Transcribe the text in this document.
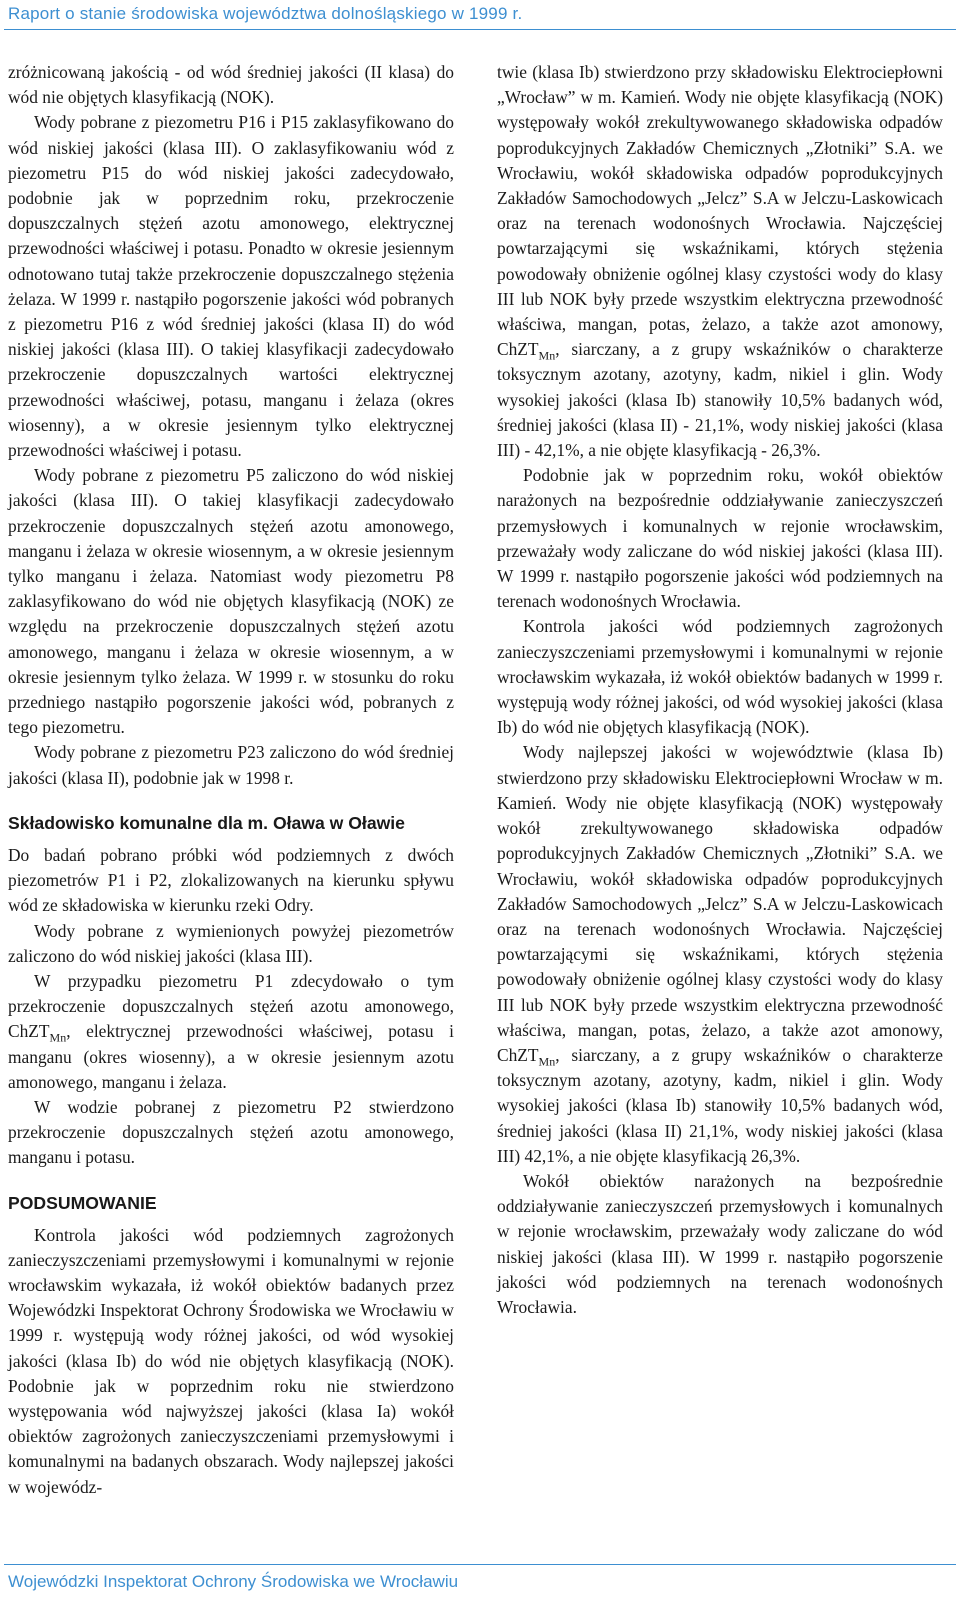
Raport o stanie środowiska województwa dolnośląskiego w 1999 r.

zróżnicowaną jakością - od wód średniej jakości (II klasa) do wód nie objętych klasyfikacją (NOK).

Wody pobrane z piezometru P16 i P15 zaklasyfikowano do wód niskiej jakości (klasa III). O zaklasyfikowaniu wód z piezometru P15 do wód niskiej jakości zadecydowało, podobnie jak w poprzednim roku, przekroczenie dopuszczalnych stężeń azotu amonowego, elektrycznej przewodności właściwej i potasu. Ponadto w okresie jesiennym odnotowano tutaj także przekroczenie dopuszczalnego stężenia żelaza. W 1999 r. nastąpiło pogorszenie jakości wód pobranych z piezometru P16 z wód średniej jakości (klasa II) do wód niskiej jakości (klasa III). O takiej klasyfikacji zadecydowało przekroczenie dopuszczalnych wartości elektrycznej przewodności właściwej, potasu, manganu i żelaza (okres wiosenny), a w okresie jesiennym tylko elektrycznej przewodności właściwej i potasu.

Wody pobrane z piezometru P5 zaliczono do wód niskiej jakości (klasa III). O takiej klasyfikacji zadecydowało przekroczenie dopuszczalnych stężeń azotu amonowego, manganu i żelaza w okresie wiosennym, a w okresie jesiennym tylko manganu i żelaza. Natomiast wody piezometru P8 zaklasyfikowano do wód nie objętych klasyfikacją (NOK) ze względu na przekroczenie dopuszczalnych stężeń azotu amonowego, manganu i żelaza w okresie wiosennym, a w okresie jesiennym tylko żelaza. W 1999 r. w stosunku do roku przedniego nastąpiło pogorszenie jakości wód, pobranych z tego piezometru.

Wody pobrane z piezometru P23 zaliczono do wód średniej jakości (klasa II), podobnie jak w 1998 r.

Składowisko komunalne dla m. Oława w Oławie

Do badań pobrano próbki wód podziemnych z dwóch piezometrów P1 i P2, zlokalizowanych na kierunku spływu wód ze składowiska w kierunku rzeki Odry.

Wody pobrane z wymienionych powyżej piezometrów zaliczono do wód niskiej jakości (klasa III).

W przypadku piezometru P1 zdecydowało o tym przekroczenie dopuszczalnych stężeń azotu amonowego, ChZT$_{Mn}$, elektrycznej przewodności właściwej, potasu i manganu (okres wiosenny), a w okresie jesiennym azotu amonowego, manganu i żelaza.

W wodzie pobranej z piezometru P2 stwierdzono przekroczenie dopuszczalnych stężeń azotu amonowego, manganu i potasu.

PODSUMOWANIE

Kontrola jakości wód podziemnych zagrożonych zanieczyszczeniami przemysłowymi i komunalnymi w rejonie wrocławskim wykazała, iż wokół obiektów badanych przez Wojewódzki Inspektorat Ochrony Środowiska we Wrocławiu w 1999 r. występują wody różnej jakości, od wód wysokiej jakości (klasa Ib) do wód nie objętych klasyfikacją (NOK). Podobnie jak w poprzednim roku nie stwierdzono występowania wód najwyższej jakości (klasa Ia) wokół obiektów zagrożonych zanieczyszczeniami przemysłowymi i komunalnymi na badanych obszarach. Wody najlepszej jakości w wojewódz-

twie (klasa Ib) stwierdzono przy składowisku Elektrociepłowni „Wrocław” w m. Kamień. Wody nie objęte klasyfikacją (NOK) występowały wokół zrekultywowanego składowiska odpadów poprodukcyjnych Zakładów Chemicznych „Złotniki” S.A. we Wrocławiu, wokół składowiska odpadów poprodukcyjnych Zakładów Samochodowych „Jelcz” S.A w Jelczu-Laskowicach oraz na terenach wodonośnych Wrocławia. Najczęściej powtarzającymi się wskaźnikami, których stężenia powodowały obniżenie ogólnej klasy czystości wody do klasy III lub NOK były przede wszystkim elektryczna przewodność właściwa, mangan, potas, żelazo, a także azot amonowy, ChZT$_{Mn}$, siarczany, a z grupy wskaźników o charakterze toksycznym azotany, azotyny, kadm, nikiel i glin. Wody wysokiej jakości (klasa Ib) stanowiły 10,5% badanych wód, średniej jakości (klasa II) - 21,1%, wody niskiej jakości (klasa III) - 42,1%, a nie objęte klasyfikacją - 26,3%.

Podobnie jak w poprzednim roku, wokół obiektów narażonych na bezpośrednie oddziaływanie zanieczyszczeń przemysłowych i komunalnych w rejonie wrocławskim, przeważały wody zaliczane do wód niskiej jakości (klasa III). W 1999 r. nastąpiło pogorszenie jakości wód podziemnych na terenach wodonośnych Wrocławia.

Kontrola jakości wód podziemnych zagrożonych zanieczyszczeniami przemysłowymi i komunalnymi w rejonie wrocławskim wykazała, iż wokół obiektów badanych w 1999 r. występują wody różnej jakości, od wód wysokiej jakości (klasa Ib) do wód nie objętych klasyfikacją (NOK).

Wody najlepszej jakości w województwie (klasa Ib) stwierdzono przy składowisku Elektrociepłowni Wrocław w m. Kamień. Wody nie objęte klasyfikacją (NOK) występowały wokół zrekultywowanego składowiska odpadów poprodukcyjnych Zakładów Chemicznych „Złotniki” S.A. we Wrocławiu, wokół składowiska odpadów poprodukcyjnych Zakładów Samochodowych „Jelcz” S.A w Jelczu-Laskowicach oraz na terenach wodonośnych Wrocławia. Najczęściej powtarzającymi się wskaźnikami, których stężenia powodowały obniżenie ogólnej klasy czystości wody do klasy III lub NOK były przede wszystkim elektryczna przewodność właściwa, mangan, potas, żelazo, a także azot amonowy, ChZT$_{Mn}$, siarczany, a z grupy wskaźników o charakterze toksycznym azotany, azotyny, kadm, nikiel i glin. Wody wysokiej jakości (klasa Ib) stanowiły 10,5% badanych wód, średniej jakości (klasa II) 21,1%, wody niskiej jakości (klasa III) 42,1%, a nie objęte klasyfikacją 26,3%.

Wokół obiektów narażonych na bezpośrednie oddziaływanie zanieczyszczeń przemysłowych i komunalnych w rejonie wrocławskim, przeważały wody zaliczane do wód niskiej jakości (klasa III). W 1999 r. nastąpiło pogorszenie jakości wód podziemnych na terenach wodonośnych Wrocławia.

Wojewódzki Inspektorat Ochrony Środowiska we Wrocławiu
